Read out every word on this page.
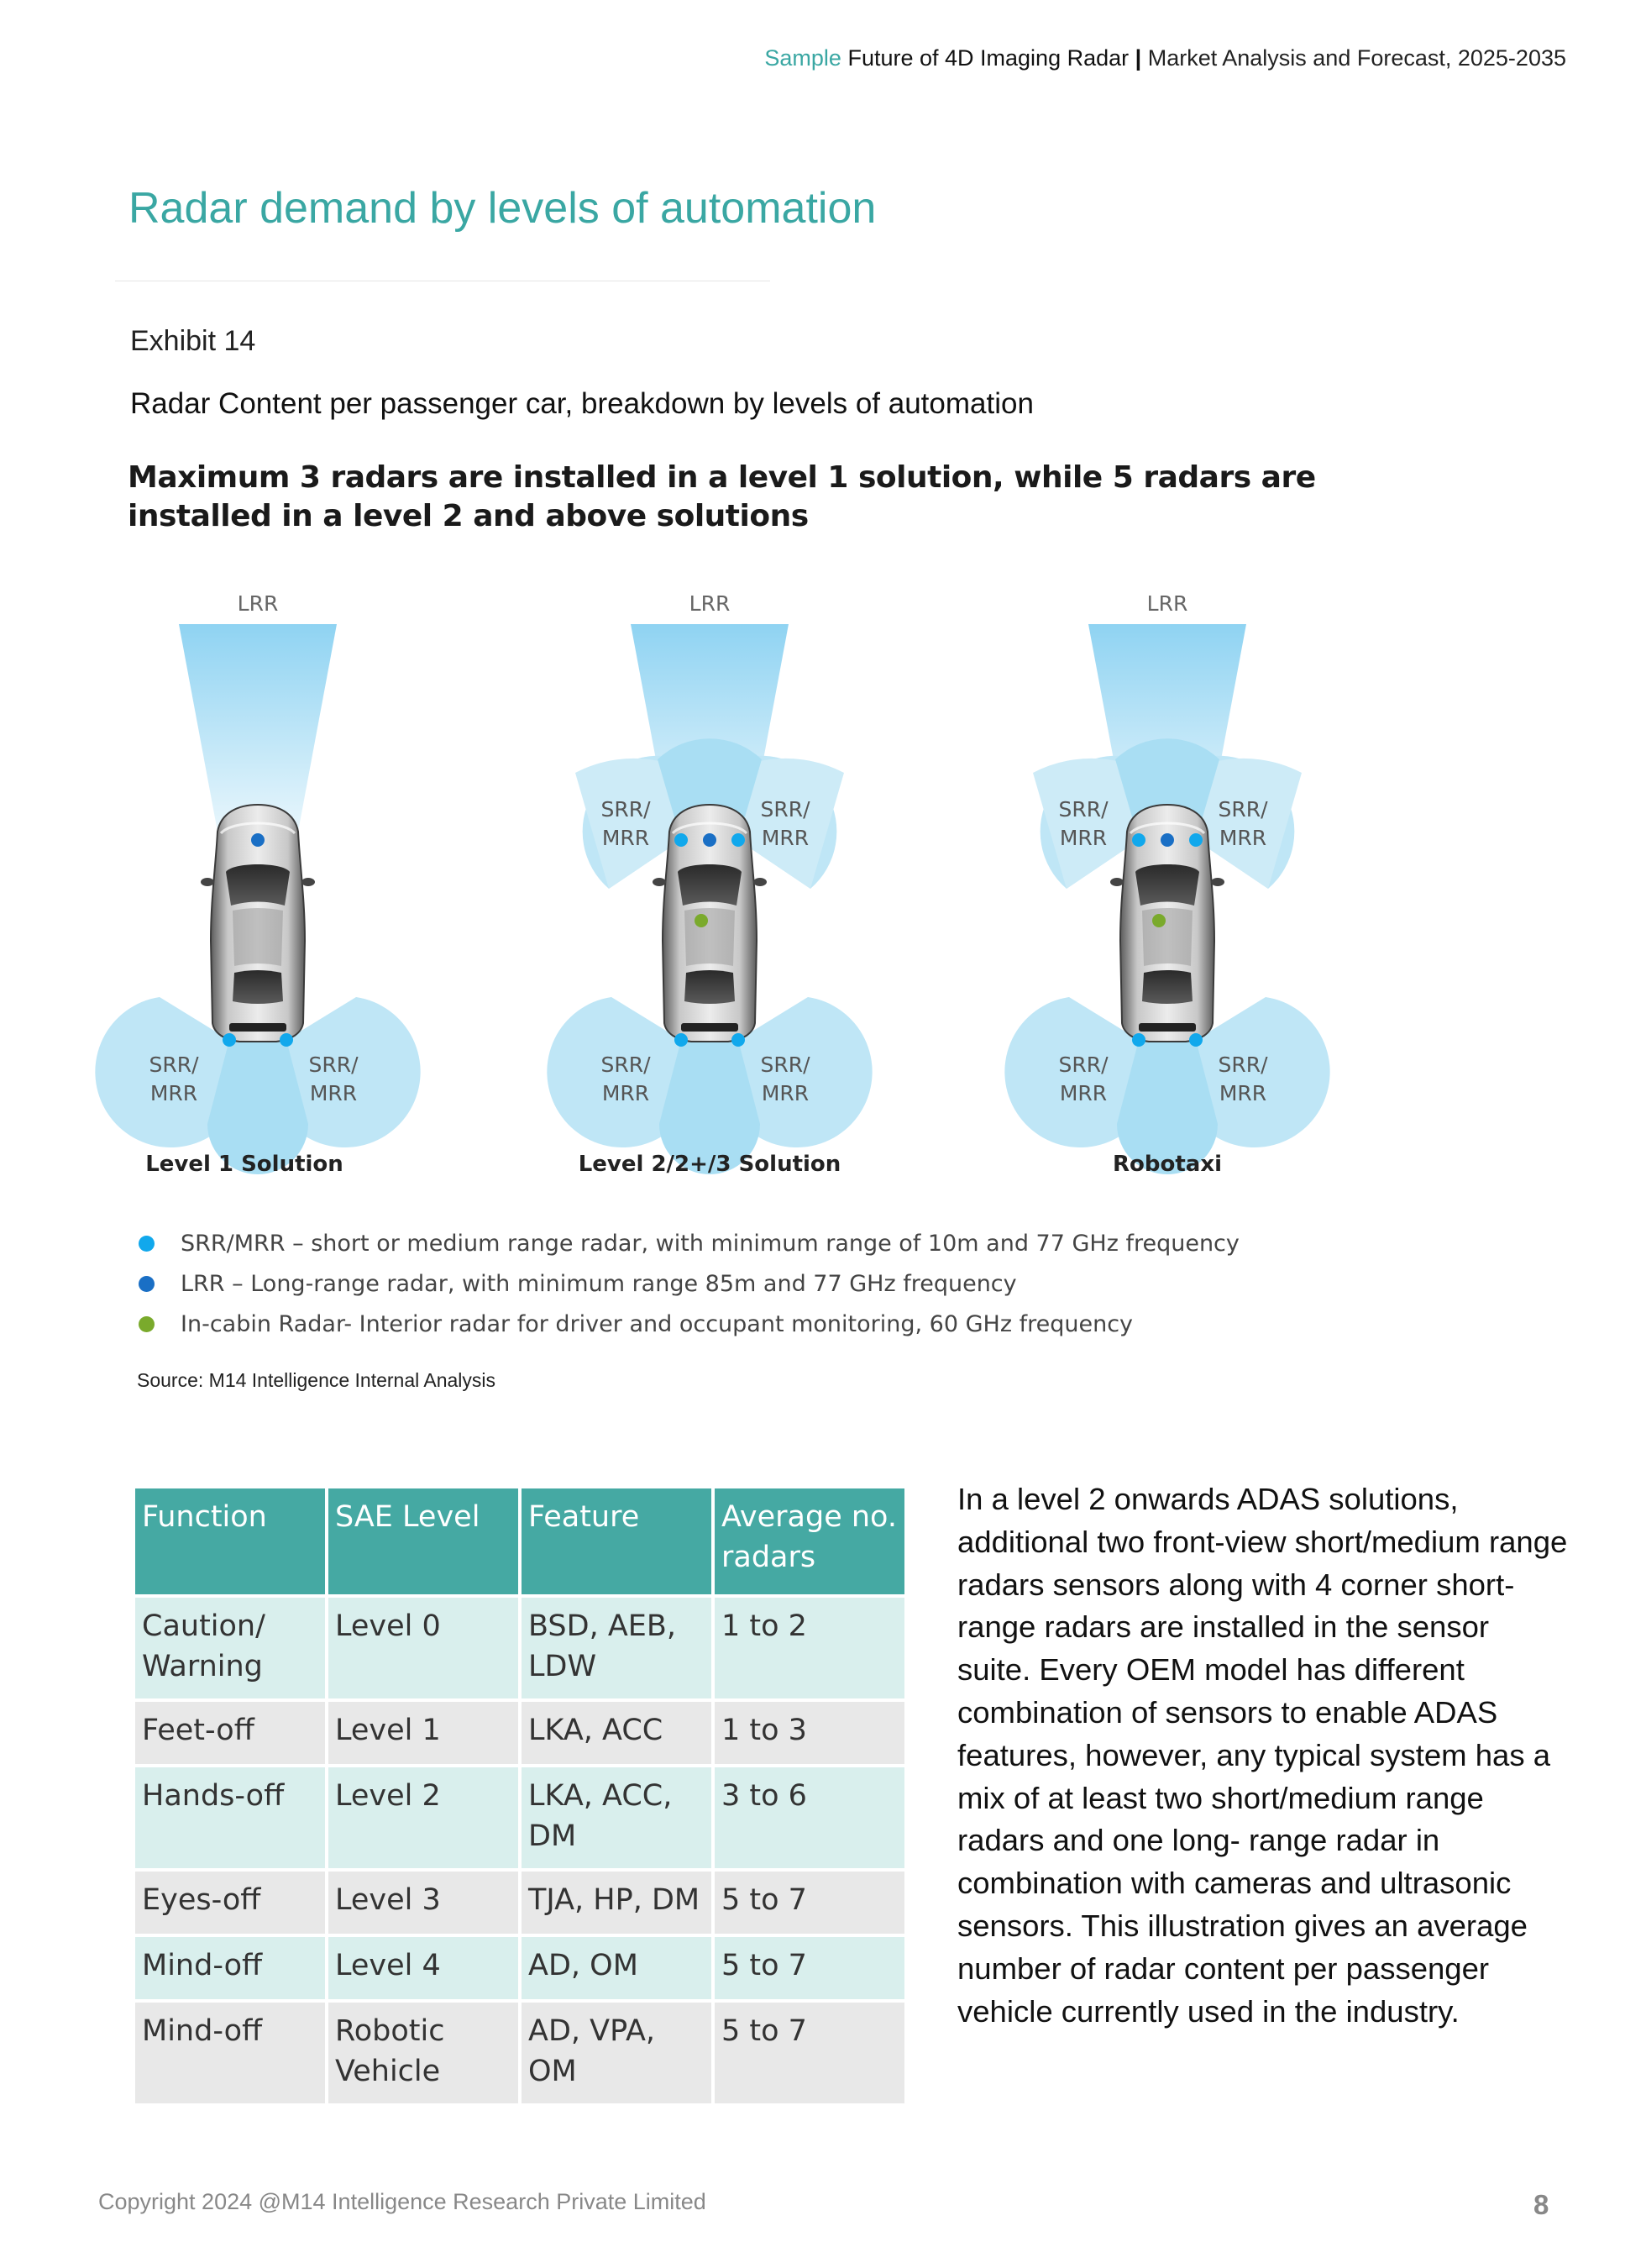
Sample Future of 4D Imaging Radar | Market Analysis and Forecast, 2025-2035
Radar demand by levels of automation
Exhibit 14
Radar Content per passenger car, breakdown by levels of automation
Maximum 3 radars are installed in a level 1 solution, while 5 radars are installed in a level 2 and above solutions
LRR
SRR/
MRR
SRR/
MRR
Level 1 Solution
LRR
SRR/
MRR
SRR/
MRR
SRR/
MRR
SRR/
MRR
Level 2/2+/3 Solution
LRR
SRR/
MRR
SRR/
MRR
SRR/
MRR
SRR/
MRR
Robotaxi
SRR/MRR – short or medium range radar, with minimum range of 10m and 77 GHz frequency
LRR – Long-range radar, with minimum range 85m and 77 GHz frequency
In-cabin Radar- Interior radar for driver and occupant monitoring, 60 GHz frequency
Source: M14 Intelligence Internal Analysis
Function	SAE Level	Feature	Average no. radars
Caution/ Warning	Level 0	BSD, AEB, LDW	1 to 2
Feet-off	Level 1	LKA, ACC	1 to 3
Hands-off	Level 2	LKA, ACC, DM	3 to 6
Eyes-off	Level 3	TJA, HP, DM	5 to 7
Mind-off	Level 4	AD, OM	5 to 7
Mind-off	Robotic Vehicle	AD, VPA, OM	5 to 7
In a level 2 onwards ADAS solutions, additional two front-view short/medium range radars sensors along with 4 corner short-range radars are installed in the sensor suite. Every OEM model has different combination of sensors to enable ADAS features, however, any typical system has a mix of at least two short/medium range radars and one long- range radar in combination with cameras and ultrasonic sensors. This illustration gives an average number of radar content per passenger vehicle currently used in the industry.
Copyright 2024 @M14 Intelligence Research Private Limited	8
